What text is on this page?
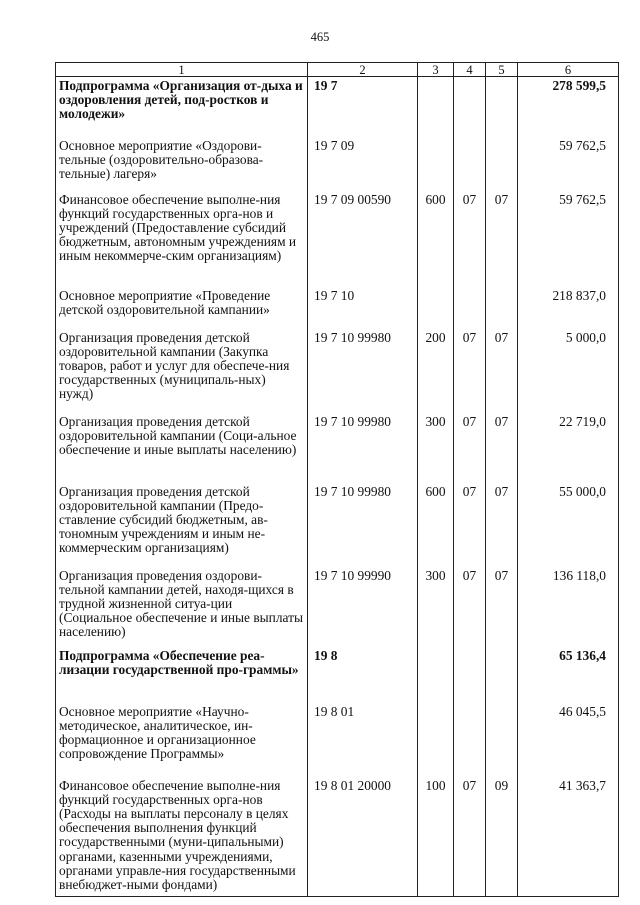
465
1	2	3	4	5	6
Подпрограмма «Организация от-дыха и оздоровления детей, под-ростков и молодежи»	19 7				278 599,5
Основное мероприятие «Оздорови-тельные (оздоровительно-образова-тельные) лагеря»	19 7 09				59 762,5
Финансовое обеспечение выполне-ния функций государственных орга-нов и учреждений (Предоставление субсидий бюджетным, автономным учреждениям и иным некоммерче-ским организациям)	19 7 09 00590	600	07	07	59 762,5
Основное мероприятие «Проведение детской оздоровительной кампании»	19 7 10				218 837,0
Организация проведения детской оздоровительной кампании (Закупка товаров, работ и услуг для обеспече-ния государственных (муниципаль-ных) нужд)	19 7 10 99980	200	07	07	5 000,0
Организация проведения детской оздоровительной кампании (Соци-альное обеспечение и иные выплаты населению)	19 7 10 99980	300	07	07	22 719,0
Организация проведения детской оздоровительной кампании (Предо-ставление субсидий бюджетным, ав-тономным учреждениям и иным не-коммерческим организациям)	19 7 10 99980	600	07	07	55 000,0
Организация проведения оздорови-тельной кампании детей, находя-щихся в трудной жизненной ситуа-ции (Социальное обеспечение и иные выплаты населению)	19 7 10 99990	300	07	07	136 118,0
Подпрограмма «Обеспечение реа-лизации государственной про-граммы»	19 8				65 136,4
Основное мероприятие «Научно-методическое, аналитическое, ин-формационное и организационное сопровождение Программы»	19 8 01				46 045,5
Финансовое обеспечение выполне-ния функций государственных орга-нов (Расходы на выплаты персоналу в целях обеспечения выполнения функций государственными (муни-ципальными) органами, казенными учреждениями, органами управле-ния государственными внебюджет-ными фондами)	19 8 01 20000	100	07	09	41 363,7
